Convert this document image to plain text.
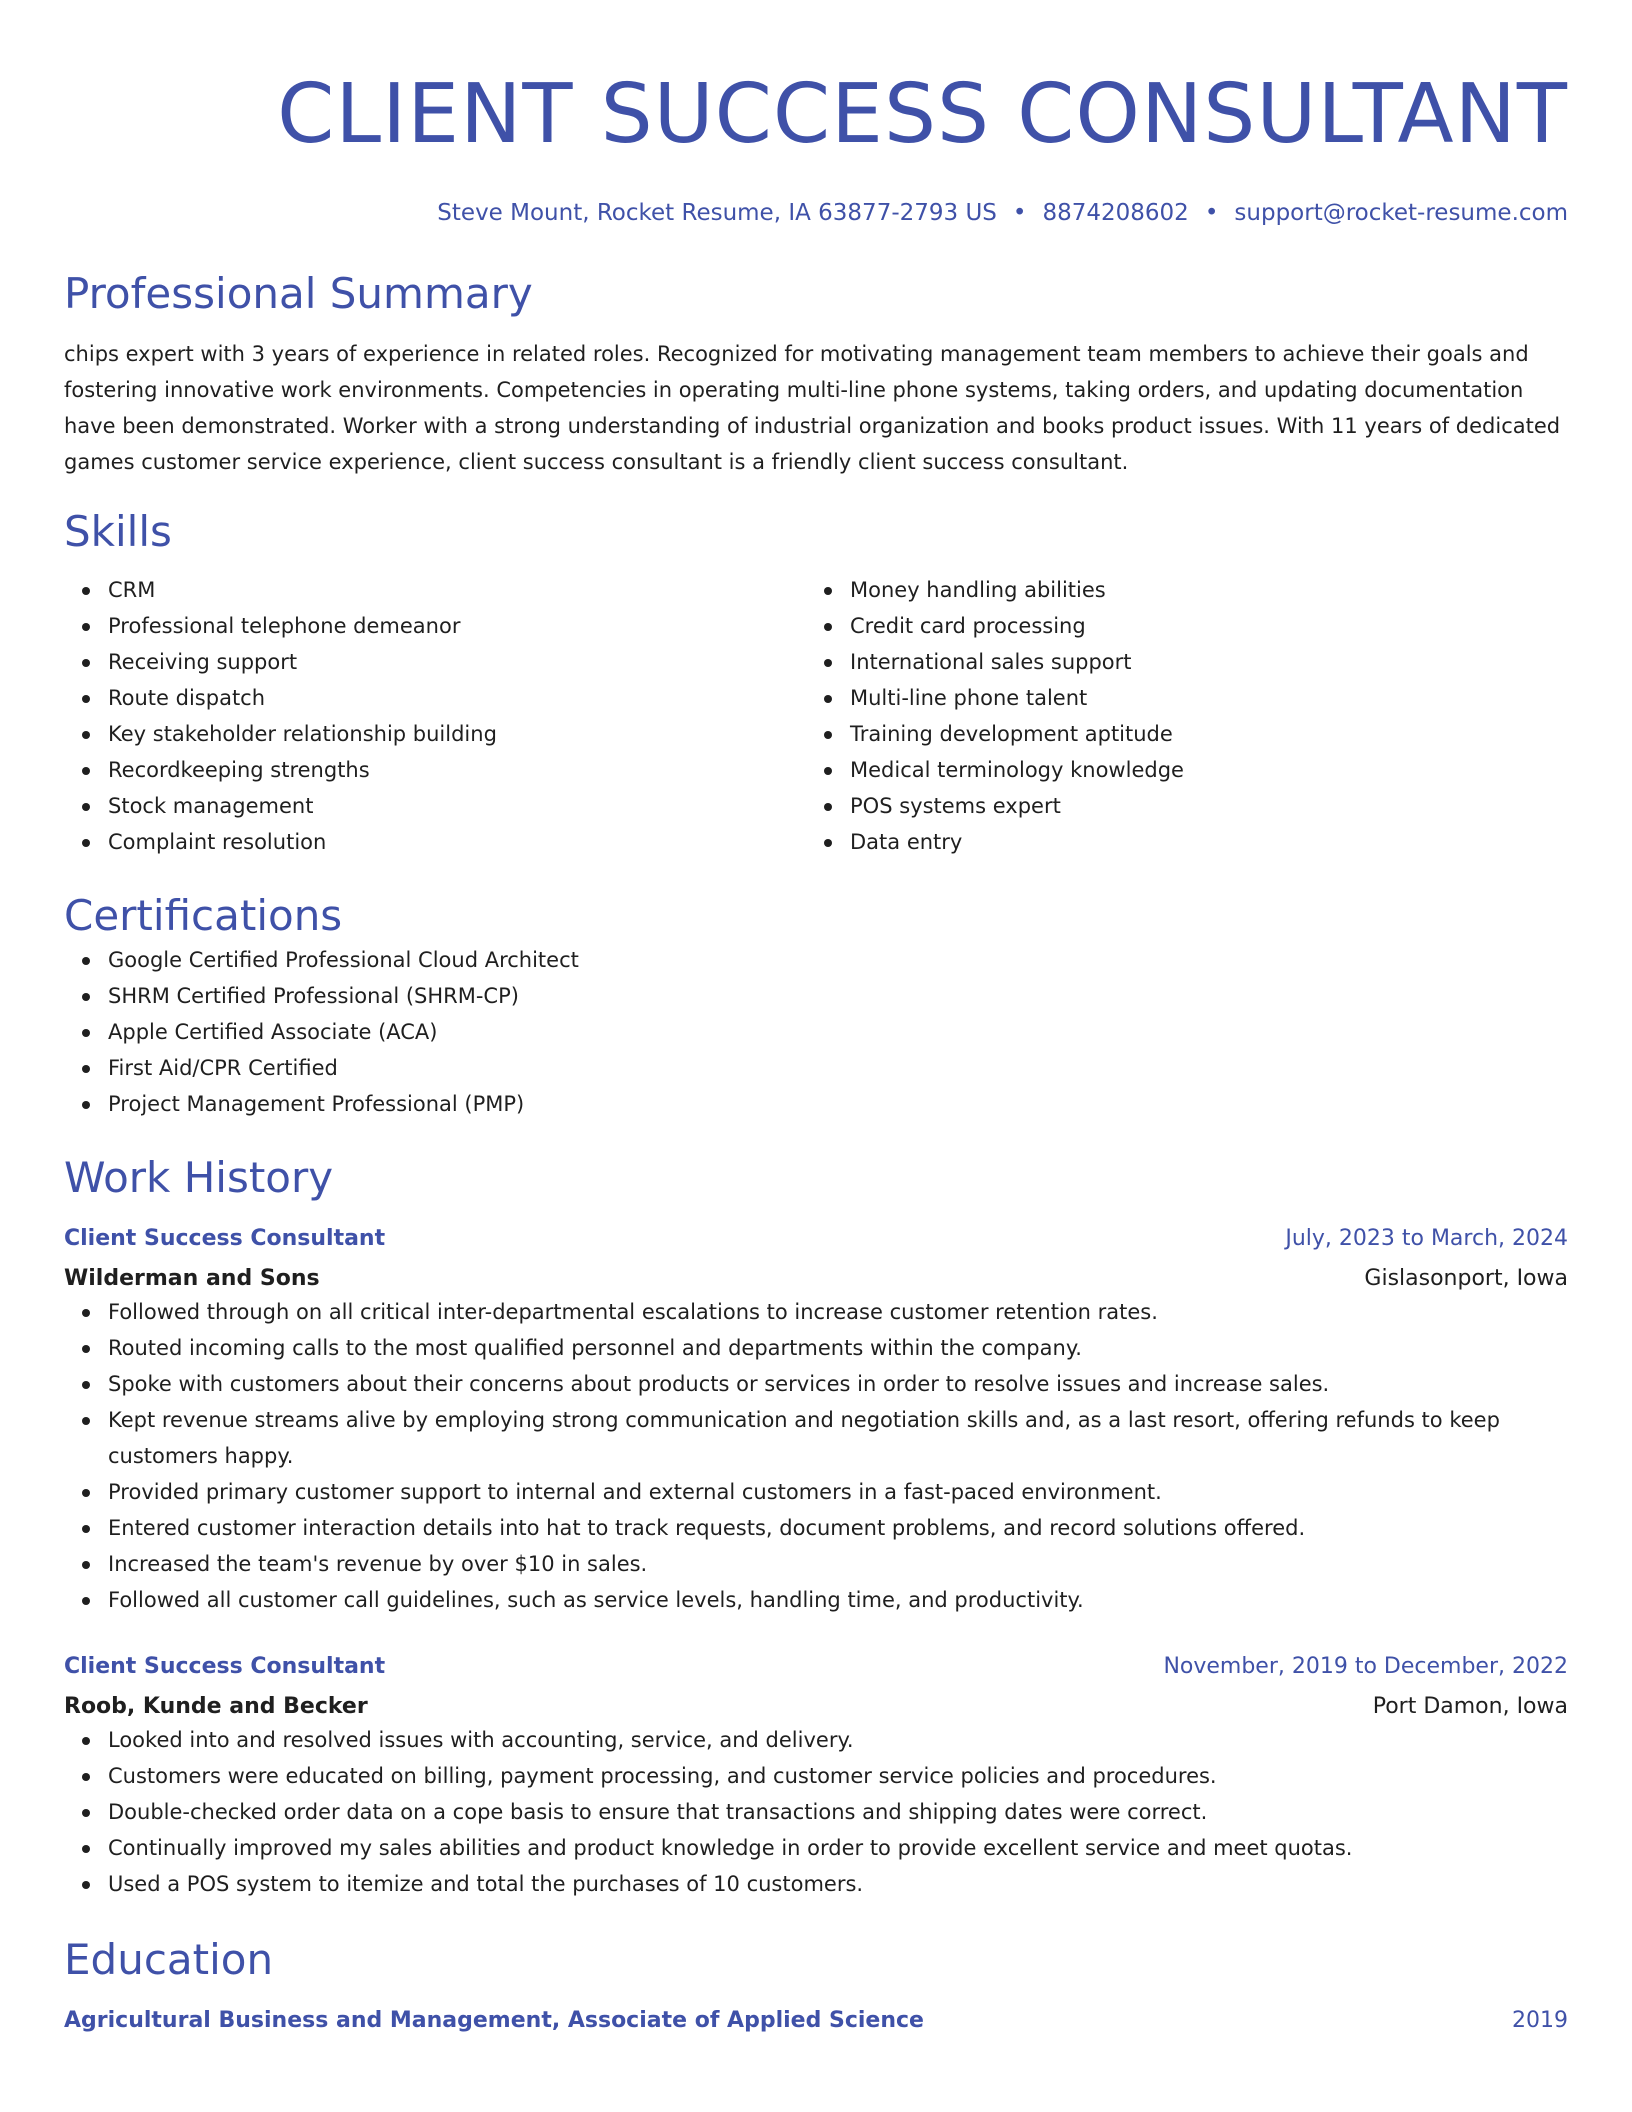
CLIENT SUCCESS CONSULTANT
Steve Mount, Rocket Resume, IA 63877-2793 US • 8874208602 • support@rocket-resume.com
Professional Summary
chips expert with 3 years of experience in related roles. Recognized for motivating management team members to achieve their goals and fostering innovative work environments. Competencies in operating multi-line phone systems, taking orders, and updating documentation have been demonstrated. Worker with a strong understanding of industrial organization and books product issues. With 11 years of dedicated games customer service experience, client success consultant is a friendly client success consultant.
Skills
CRM
Professional telephone demeanor
Receiving support
Route dispatch
Key stakeholder relationship building
Recordkeeping strengths
Stock management
Complaint resolution
Money handling abilities
Credit card processing
International sales support
Multi-line phone talent
Training development aptitude
Medical terminology knowledge
POS systems expert
Data entry
Certifications
Google Certified Professional Cloud Architect
SHRM Certified Professional (SHRM-CP)
Apple Certified Associate (ACA)
First Aid/CPR Certified
Project Management Professional (PMP)
Work History
Client Success Consultant	July, 2023 to March, 2024
Wilderman and Sons	Gislasonport, Iowa
Followed through on all critical inter-departmental escalations to increase customer retention rates.
Routed incoming calls to the most qualified personnel and departments within the company.
Spoke with customers about their concerns about products or services in order to resolve issues and increase sales.
Kept revenue streams alive by employing strong communication and negotiation skills and, as a last resort, offering refunds to keep customers happy.
Provided primary customer support to internal and external customers in a fast-paced environment.
Entered customer interaction details into hat to track requests, document problems, and record solutions offered.
Increased the team's revenue by over $10 in sales.
Followed all customer call guidelines, such as service levels, handling time, and productivity.
Client Success Consultant	November, 2019 to December, 2022
Roob, Kunde and Becker	Port Damon, Iowa
Looked into and resolved issues with accounting, service, and delivery.
Customers were educated on billing, payment processing, and customer service policies and procedures.
Double-checked order data on a cope basis to ensure that transactions and shipping dates were correct.
Continually improved my sales abilities and product knowledge in order to provide excellent service and meet quotas.
Used a POS system to itemize and total the purchases of 10 customers.
Education
Agricultural Business and Management, Associate of Applied Science	2019
